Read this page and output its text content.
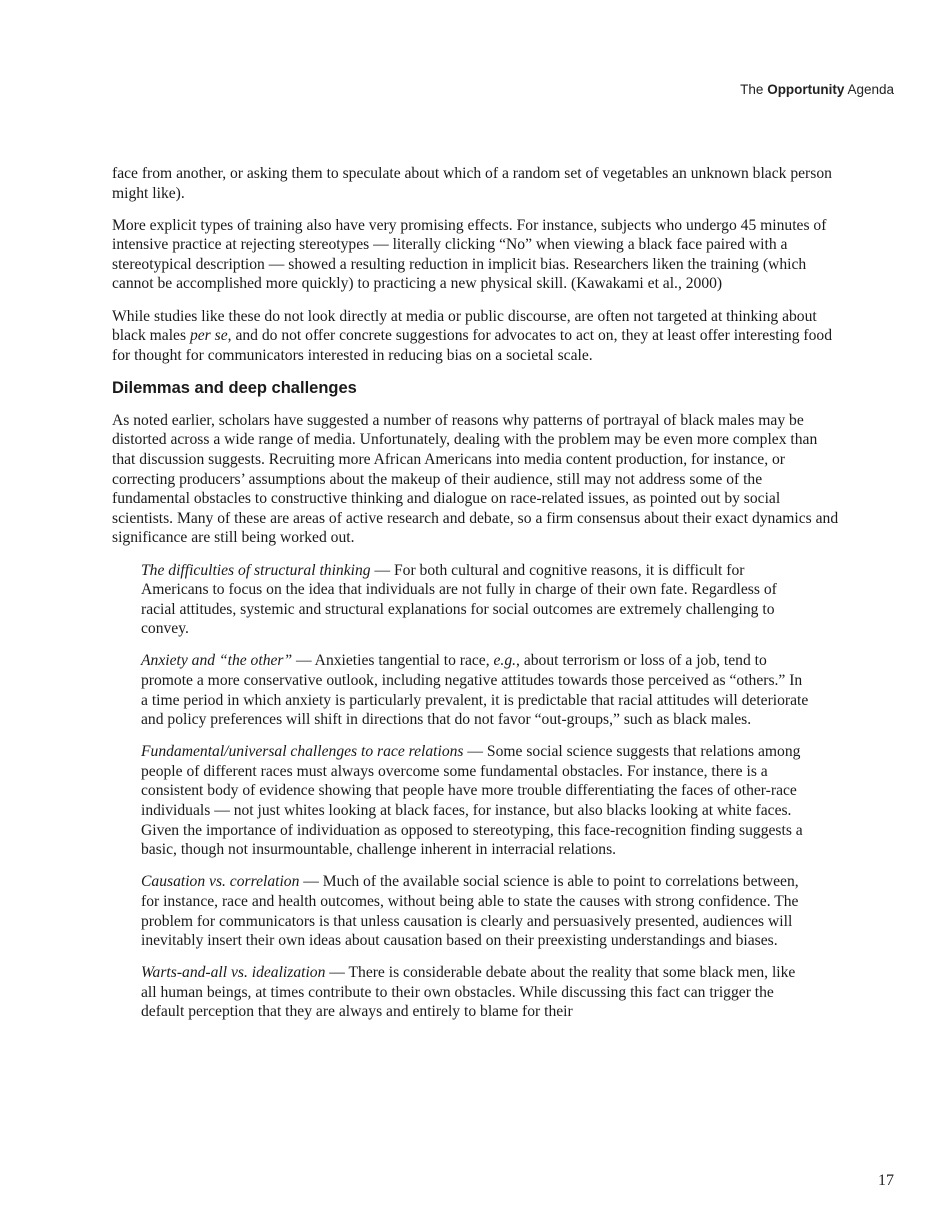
The Opportunity Agenda

face from another, or asking them to speculate about which of a random set of vegetables an unknown black person might like).

More explicit types of training also have very promising effects. For instance, subjects who undergo 45 minutes of intensive practice at rejecting stereotypes — literally clicking “No” when viewing a black face paired with a stereotypical description — showed a resulting reduction in implicit bias. Researchers liken the training (which cannot be accomplished more quickly) to practicing a new physical skill. (Kawakami et al., 2000)

While studies like these do not look directly at media or public discourse, are often not targeted at thinking about black males per se, and do not offer concrete suggestions for advocates to act on, they at least offer interesting food for thought for communicators interested in reducing bias on a societal scale.

Dilemmas and deep challenges

As noted earlier, scholars have suggested a number of reasons why patterns of portrayal of black males may be distorted across a wide range of media. Unfortunately, dealing with the problem may be even more complex than that discussion suggests. Recruiting more African Americans into media content production, for instance, or correcting producers’ assumptions about the makeup of their audience, still may not address some of the fundamental obstacles to constructive thinking and dialogue on race-related issues, as pointed out by social scientists. Many of these are areas of active research and debate, so a firm consensus about their exact dynamics and significance are still being worked out.

The difficulties of structural thinking — For both cultural and cognitive reasons, it is difficult for Americans to focus on the idea that individuals are not fully in charge of their own fate. Regardless of racial attitudes, systemic and structural explanations for social outcomes are extremely challenging to convey.

Anxiety and “the other” — Anxieties tangential to race, e.g., about terrorism or loss of a job, tend to promote a more conservative outlook, including negative attitudes towards those perceived as “others.” In a time period in which anxiety is particularly prevalent, it is predictable that racial attitudes will deteriorate and policy preferences will shift in directions that do not favor “out-groups,” such as black males.

Fundamental/universal challenges to race relations — Some social science suggests that relations among people of different races must always overcome some fundamental obstacles. For instance, there is a consistent body of evidence showing that people have more trouble differentiating the faces of other-race individuals — not just whites looking at black faces, for instance, but also blacks looking at white faces. Given the importance of individuation as opposed to stereotyping, this face-recognition finding suggests a basic, though not insurmountable, challenge inherent in interracial relations.

Causation vs. correlation — Much of the available social science is able to point to correlations between, for instance, race and health outcomes, without being able to state the causes with strong confidence. The problem for communicators is that unless causation is clearly and persuasively presented, audiences will inevitably insert their own ideas about causation based on their preexisting understandings and biases.

Warts-and-all vs. idealization — There is considerable debate about the reality that some black men, like all human beings, at times contribute to their own obstacles. While discussing this fact can trigger the default perception that they are always and entirely to blame for their

17
